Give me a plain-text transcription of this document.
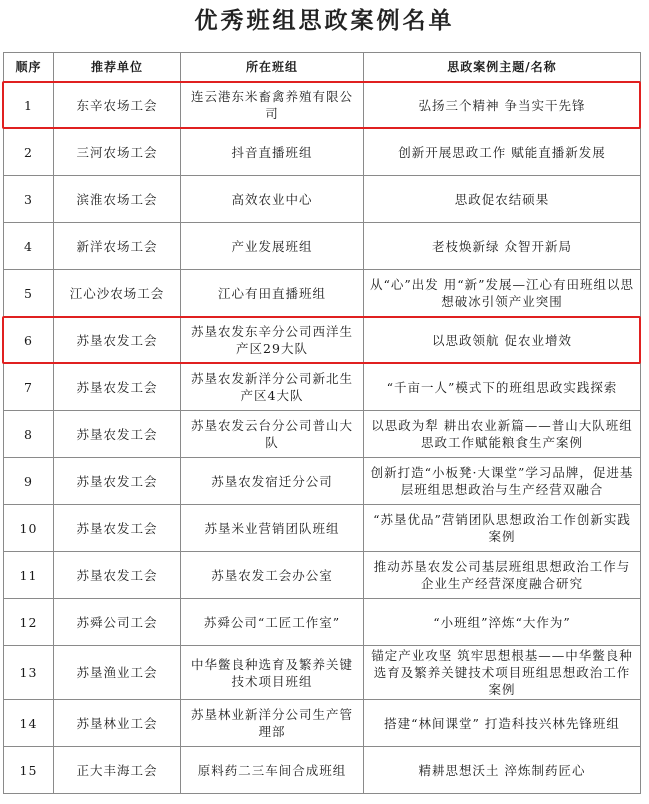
优秀班组思政案例名单
顺序	推荐单位	所在班组	思政案例主题/名称
1	东辛农场工会	连云港东米畜禽养殖有限公司	弘扬三个精神 争当实干先锋
2	三河农场工会	抖音直播班组	创新开展思政工作 赋能直播新发展
3	滨淮农场工会	高效农业中心	思政促农结硕果
4	新洋农场工会	产业发展班组	老枝焕新绿 众智开新局
5	江心沙农场工会	江心有田直播班组	从“心”出发 用“新”发展—江心有田班组以思想破冰引领产业突围
6	苏垦农发工会	苏垦农发东辛分公司西洋生产区29大队	以思政领航 促农业增效
7	苏垦农发工会	苏垦农发新洋分公司新北生产区4大队	“千亩一人”模式下的班组思政实践探索
8	苏垦农发工会	苏垦农发云台分公司普山大队	以思政为犁 耕出农业新篇——普山大队班组思政工作赋能粮食生产案例
9	苏垦农发工会	苏垦农发宿迁分公司	创新打造“小板凳·大课堂”学习品牌，促进基层班组思想政治与生产经营双融合
10	苏垦农发工会	苏垦米业营销团队班组	“苏垦优品”营销团队思想政治工作创新实践案例
11	苏垦农发工会	苏垦农发工会办公室	推动苏垦农发公司基层班组思想政治工作与企业生产经营深度融合研究
12	苏舜公司工会	苏舜公司“工匠工作室”	“小班组”淬炼“大作为”
13	苏垦渔业工会	中华鳖良种选育及繁养关键技术项目班组	锚定产业攻坚 筑牢思想根基——中华鳖良种选育及繁养关键技术项目班组思想政治工作案例
14	苏垦林业工会	苏垦林业新洋分公司生产管理部	搭建“林间课堂” 打造科技兴林先锋班组
15	正大丰海工会	原料药二三车间合成班组	精耕思想沃土 淬炼制药匠心
